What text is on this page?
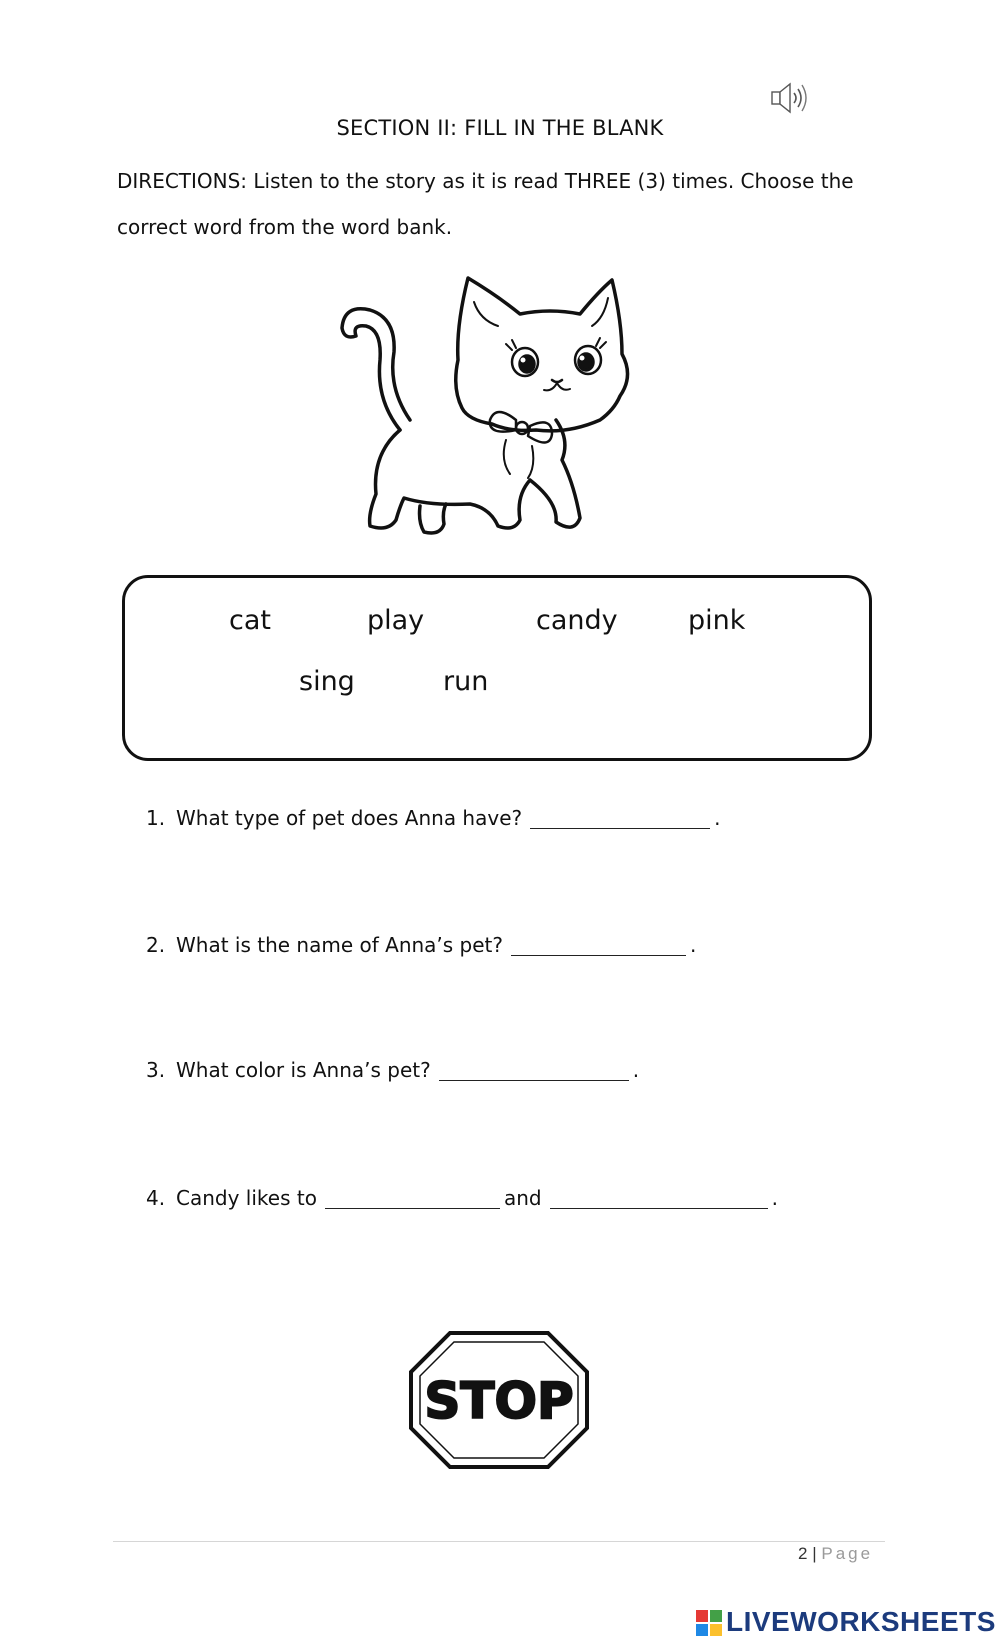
SECTION II: FILL IN THE BLANK
DIRECTIONS: Listen to the story as it is read THREE (3) times. Choose the correct word from the word bank.
cat	play	candy	pink
sing	run
1. What type of pet does Anna have?	.
2. What is the name of Anna’s pet?	.
3. What color is Anna’s pet?	.
4. Candy likes to	and	.
STOP
2 | Page
LIVEWORKSHEETS
